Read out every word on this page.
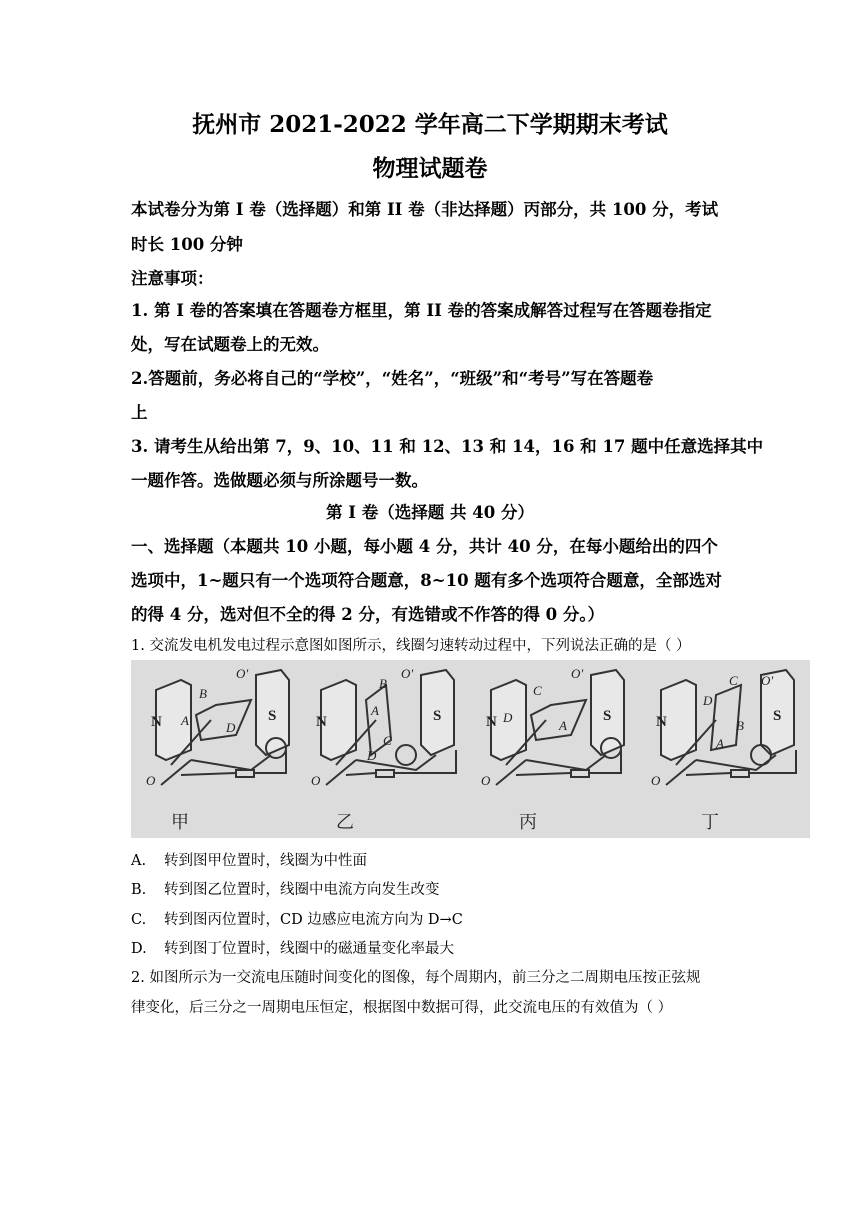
抚州市 2021-2022 学年高二下学期期末考试
物理试题卷
本试卷分为第 I 卷（选择题）和第 II 卷（非达择题）丙部分，共 100 分，考试
时长 100 分钟
注意事项：
1. 第 I 卷的答案填在答题卷方框里，第 II 卷的答案成解答过程写在答题卷指定
处，写在试题卷上的无效。
2.答题前，务必将自己的“学校”，“姓名”，“班级”和“考号”写在答题卷
上
3. 请考生从给出第 7，9、10、11 和 12、13 和 14，16 和 17 题中任意选择其中
一题作答。选做题必须与所涂题号一数。
第 I 卷（选择题 共 40 分）
一、选择题（本题共 10 小题，每小题 4 分，共计 40 分，在每小题给出的四个
选项中，1~题只有一个选项符合题意，8~10 题有多个选项符合题意，全部选对
的得 4 分，选对但不全的得 2 分，有选错或不作答的得 0 分。）
1. 交流发电机发电过程示意图如图所示，线圈匀速转动过程中，下列说法正确的是（ ）
N	S
A
B
D
O
O'
N	S
B
A
C
D
O
O'
N	S
C
D
A
O
O'
N	S
C
D
B
A
O
O'
甲	乙	丙	丁
A. 转到图甲位置时，线圈为中性面
B. 转到图乙位置时，线圈中电流方向发生改变
C. 转到图丙位置时，CD 边感应电流方向为 D→C
D. 转到图丁位置时，线圈中的磁通量变化率最大
2. 如图所示为一交流电压随时间变化的图像，每个周期内，前三分之二周期电压按正弦规
律变化，后三分之一周期电压恒定，根据图中数据可得，此交流电压的有效值为（ ）
